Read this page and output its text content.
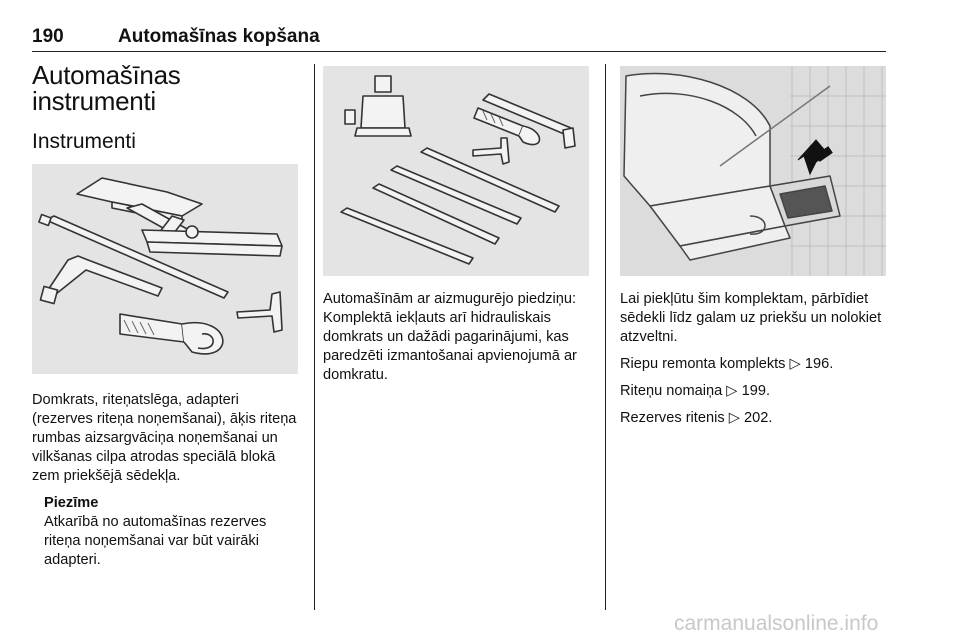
190	Automašīnas kopšana
Automašīnas
instrumenti
Instrumenti

Domkrats, riteņatslēga, adapteri (rezerves riteņa noņemšanai), āķis riteņa rumbas aizsargvāciņa noņemšanai un vilkšanas cilpa atrodas speciālā blokā zem priekšējā sēdekļa.

Piezīme
Atkarībā no automašīnas rezerves riteņa noņemšanai var būt vairāki adapteri.

Automašīnām ar aizmugurējo piedziņu: Komplektā iekļauts arī hidrauliskais domkrats un dažādi pagarinājumi, kas paredzēti izmantošanai apvienojumā ar domkratu.

Lai piekļūtu šim komplektam, pārbīdiet sēdekli līdz galam uz priekšu un nolokiet atzveltni.

Riepu remonta komplekts ▷ 196.

Riteņu nomaiņa ▷ 199.

Rezerves ritenis ▷ 202.

carmanualsonline.info
